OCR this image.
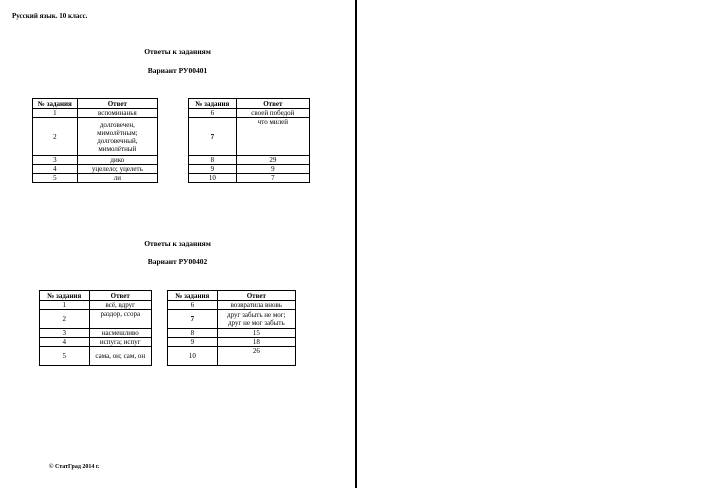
Русский язык. 10 класс.
Ответы к заданиям
Вариант РУ00401
№ задания	Ответ
1	вспоминанья
2	долговечен, мимолётным; долговечный, мимолётный
3	дико
4	уцелело; уцелеть
5	ли
№ задания	Ответ
6	своей победой
7	что милей
8	29
9	9
10	7
Ответы к заданиям
Вариант РУ00402
№ задания	Ответ
1	всё, вдруг
2	раздор, ссора
3	насмешливо
4	испуга; испуг
5	сама, он; сам, он
№ задания	Ответ
6	возвратила вновь
7	друг забыть не мог; друг не мог забыть
8	15
9	18
10	26
© СтатГрад 2014 г.
